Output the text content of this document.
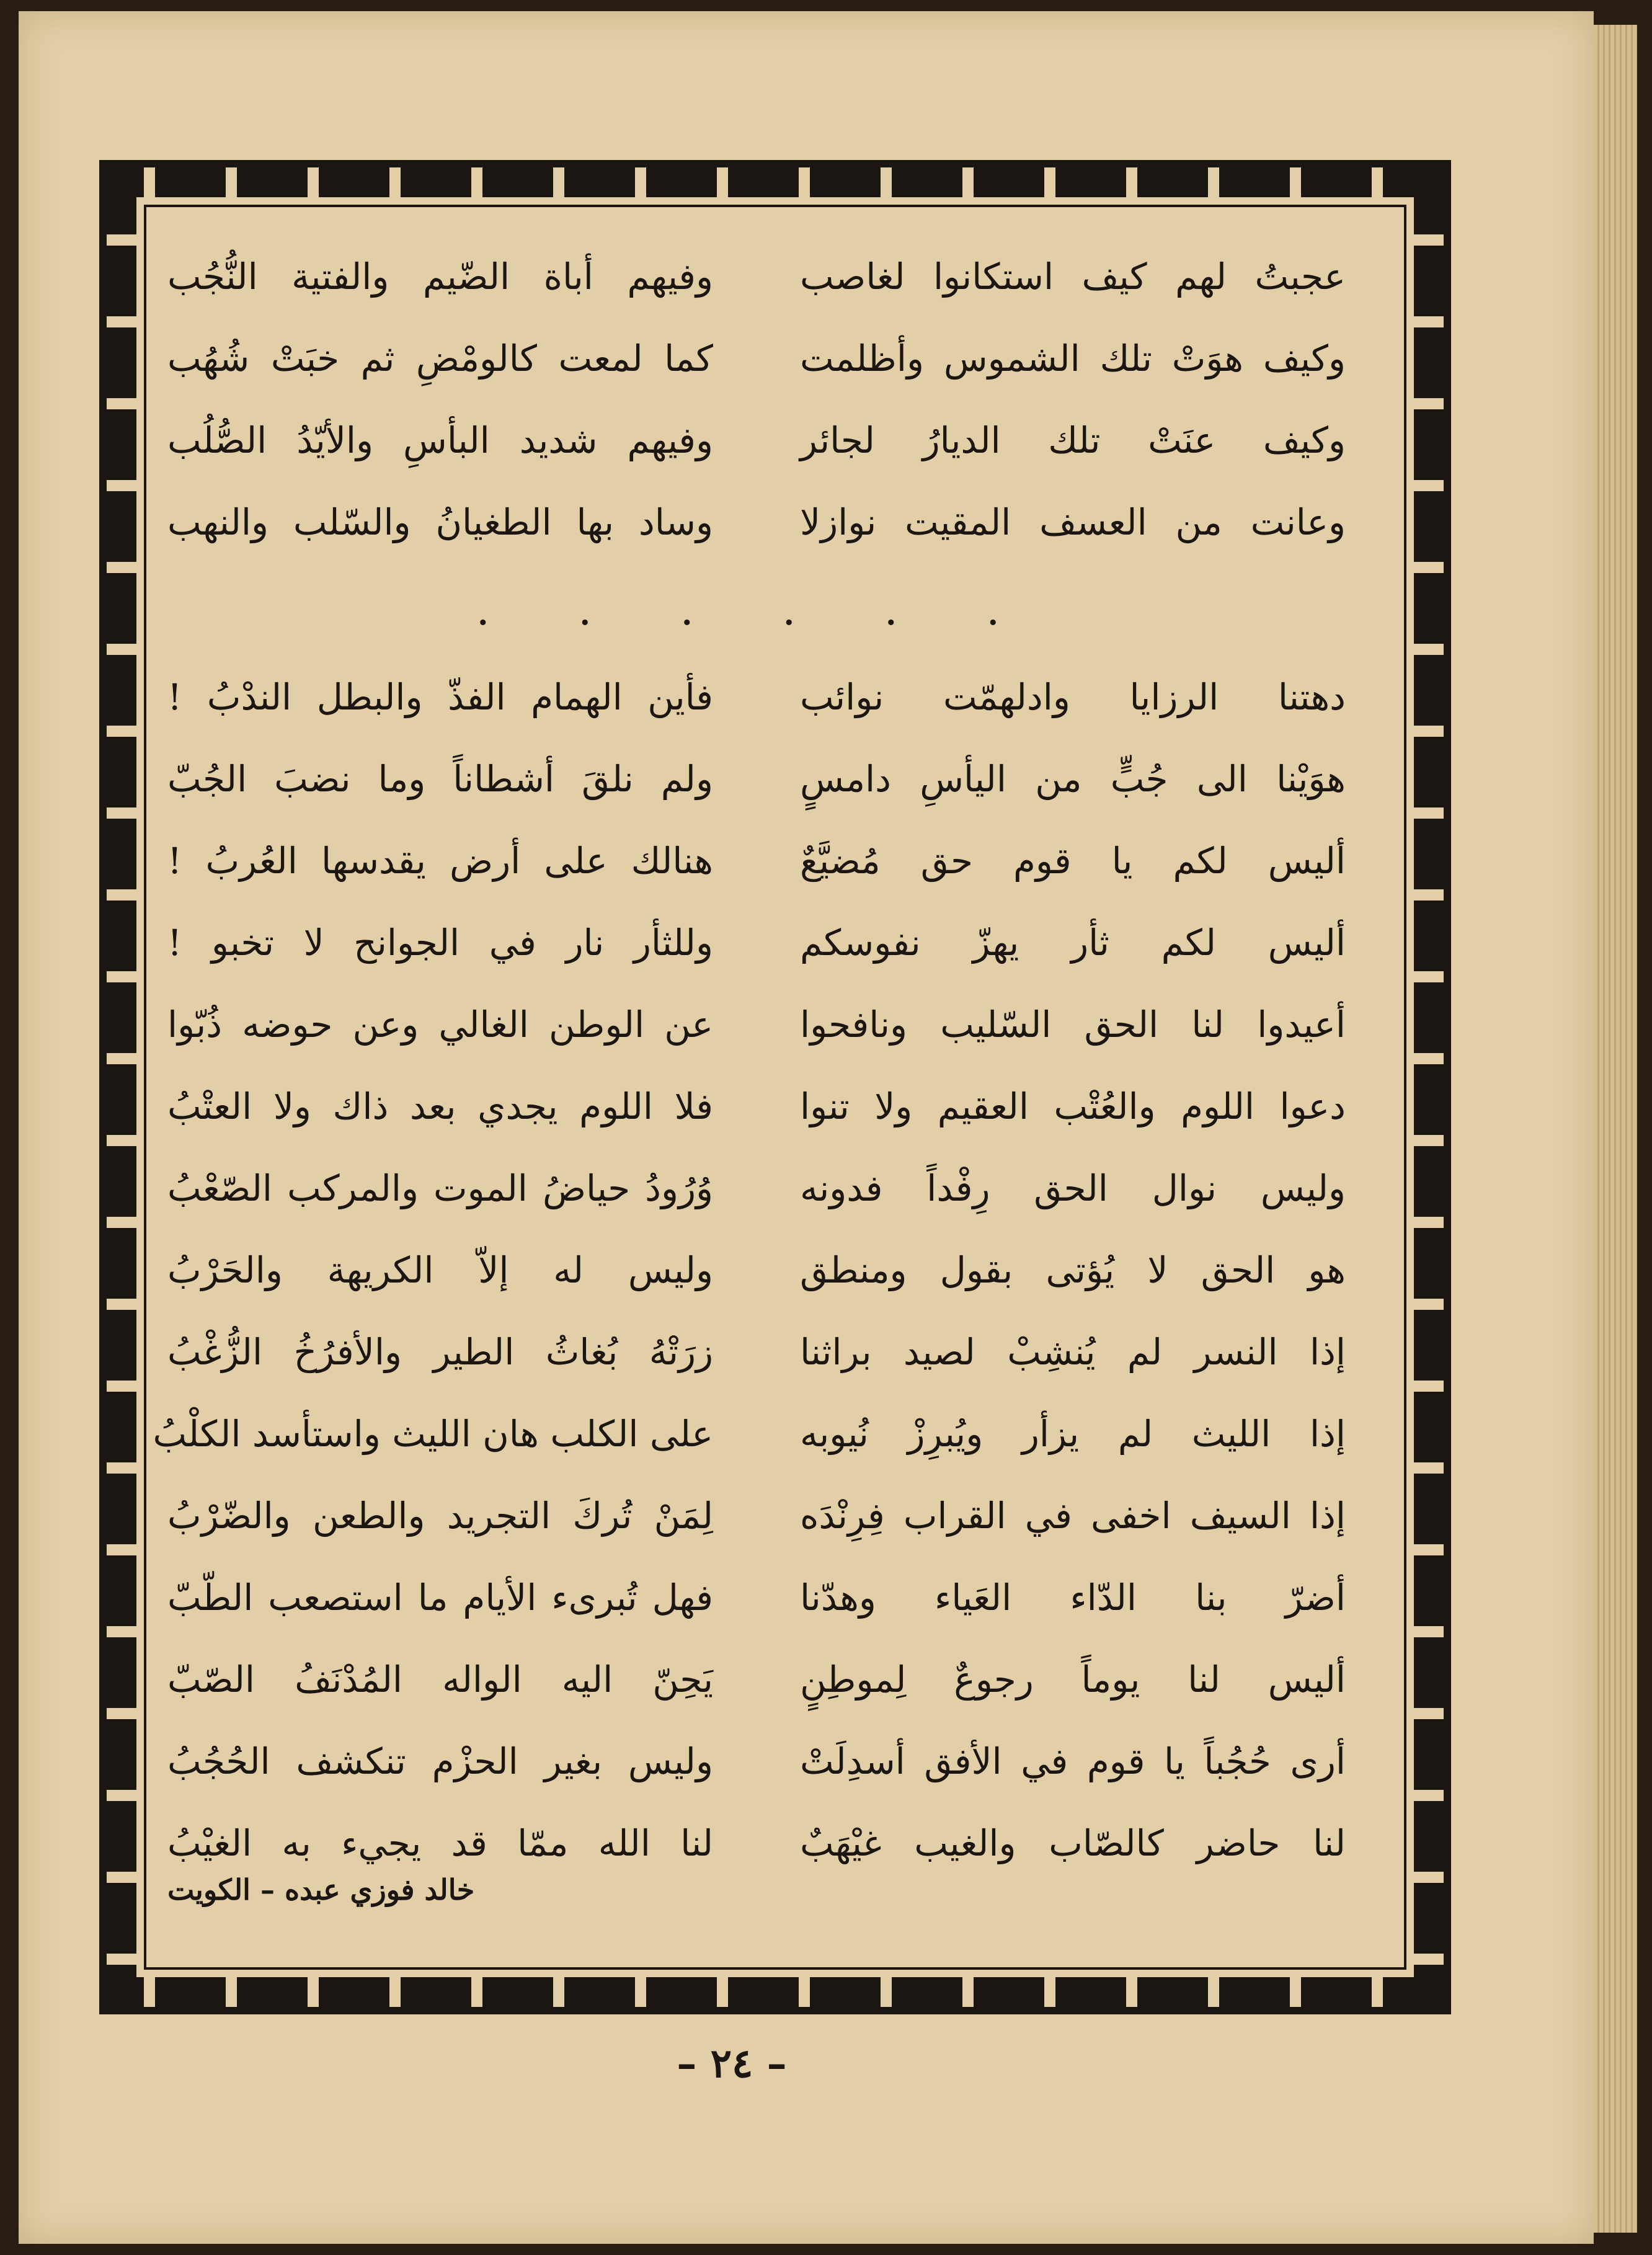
عجبتُ لهم كيف استكانوا لغاصب
وفيهم أباة الضّيم والفتية النُّجُب
وكيف هوَتْ تلك الشموس وأظلمت
كما لمعت كالومْضِ ثم خبَتْ شُهُب
وكيف عنَتْ تلك الديارُ لجائر
وفيهم شديد البأسِ والأيّدُ الصُّلُب
وعانت من العسف المقيت نوازلا
وساد بها الطغيانُ والسّلب والنهب
. . . . . .
دهتنا الرزايا وادلهمّت نوائب
فأين الهمام الفذّ والبطل الندْبُ !
هوَيْنا الى جُبٍّ من اليأسِ دامسٍ
ولم نلقَ أشطاناً وما نضبَ الجُبّ
أليس لكم يا قوم حق مُضيَّعٌ
هنالك على أرض يقدسها العُربُ !
أليس لكم ثأر يهزّ نفوسكم
وللثأر نار في الجوانح لا تخبو !
أعيدوا لنا الحق السّليب ونافحوا
عن الوطن الغالي وعن حوضه ذُبّوا
دعوا اللوم والعُتْب العقيم ولا تنوا
فلا اللوم يجدي بعد ذاك ولا العتْبُ
وليس نوال الحق رِفْداً فدونه
وُرُودُ حياضُ الموت والمركب الصّعْبُ
هو الحق لا يُؤتى بقول ومنطق
وليس له إلاّ الكريهة والحَرْبُ
إذا النسر لم يُنشِبْ لصيد براثنا
زرَتْهُ بُغاثُ الطير والأفرُخُ الزُّغْبُ
إذا الليث لم يزأر ويُبرِزْ نُيوبه
على الكلب هان الليث واستأسد الكلْبُ
إذا السيف اخفى في القراب فِرِنْدَه
لِمَنْ تُركَ التجريد والطعن والضّرْبُ
أضرّ بنا الدّاء العَياء وهدّنا
فهل تُبرىء الأيام ما استصعب الطّبّ
أليس لنا يوماً رجوعٌ لِموطِنٍ
يَحِنّ اليه الواله المُدْنَفُ الصّبّ
أرى حُجُباً يا قوم في الأفق أسدِلَتْ
وليس بغير الحزْم تنكشف الحُجُبُ
لنا حاضر كالصّاب والغيب غيْهَبٌ
لنا الله ممّا قد يجيء به الغيْبُ
خالد فوزي عبده – الكويت
– ٢٤ –
